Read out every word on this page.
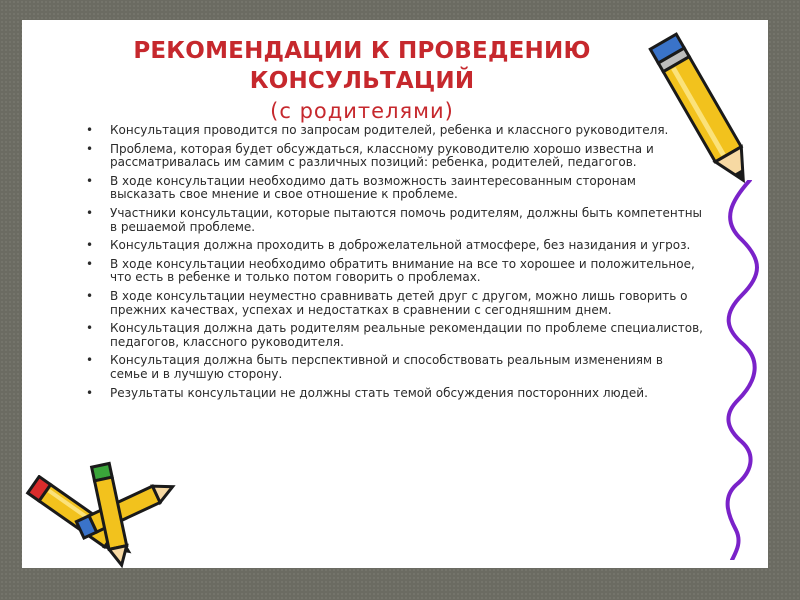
РЕКОМЕНДАЦИИ К ПРОВЕДЕНИЮ
КОНСУЛЬТАЦИЙ
(с родителями)
• Консультация проводится по запросам родителей, ребенка и классного руководителя.
• Проблема, которая будет обсуждаться, классному руководителю хорошо известна и рассматривалась им самим с различных позиций: ребенка, родителей, педагогов.
• В ходе консультации необходимо дать возможность заинтересованным сторонам высказать свое мнение и свое отношение к проблеме.
• Участники консультации, которые пытаются помочь родителям, должны быть компетентны в решаемой проблеме.
• Консультация должна проходить в доброжелательной атмосфере, без назидания и угроз.
• В ходе консультации необходимо обратить внимание на все то хорошее и положительное, что есть в ребенке и только потом говорить о проблемах.
• В ходе консультации неуместно сравнивать детей друг с другом, можно лишь говорить о прежних качествах, успехах и недостатках в сравнении с сегодняшним днем.
• Консультация должна дать родителям реальные рекомендации по проблеме специалистов, педагогов, классного руководителя.
• Консультация должна быть перспективной и способствовать реальным изменениям в семье и в лучшую сторону.
• Результаты консультации не должны стать темой обсуждения посторонних людей.
